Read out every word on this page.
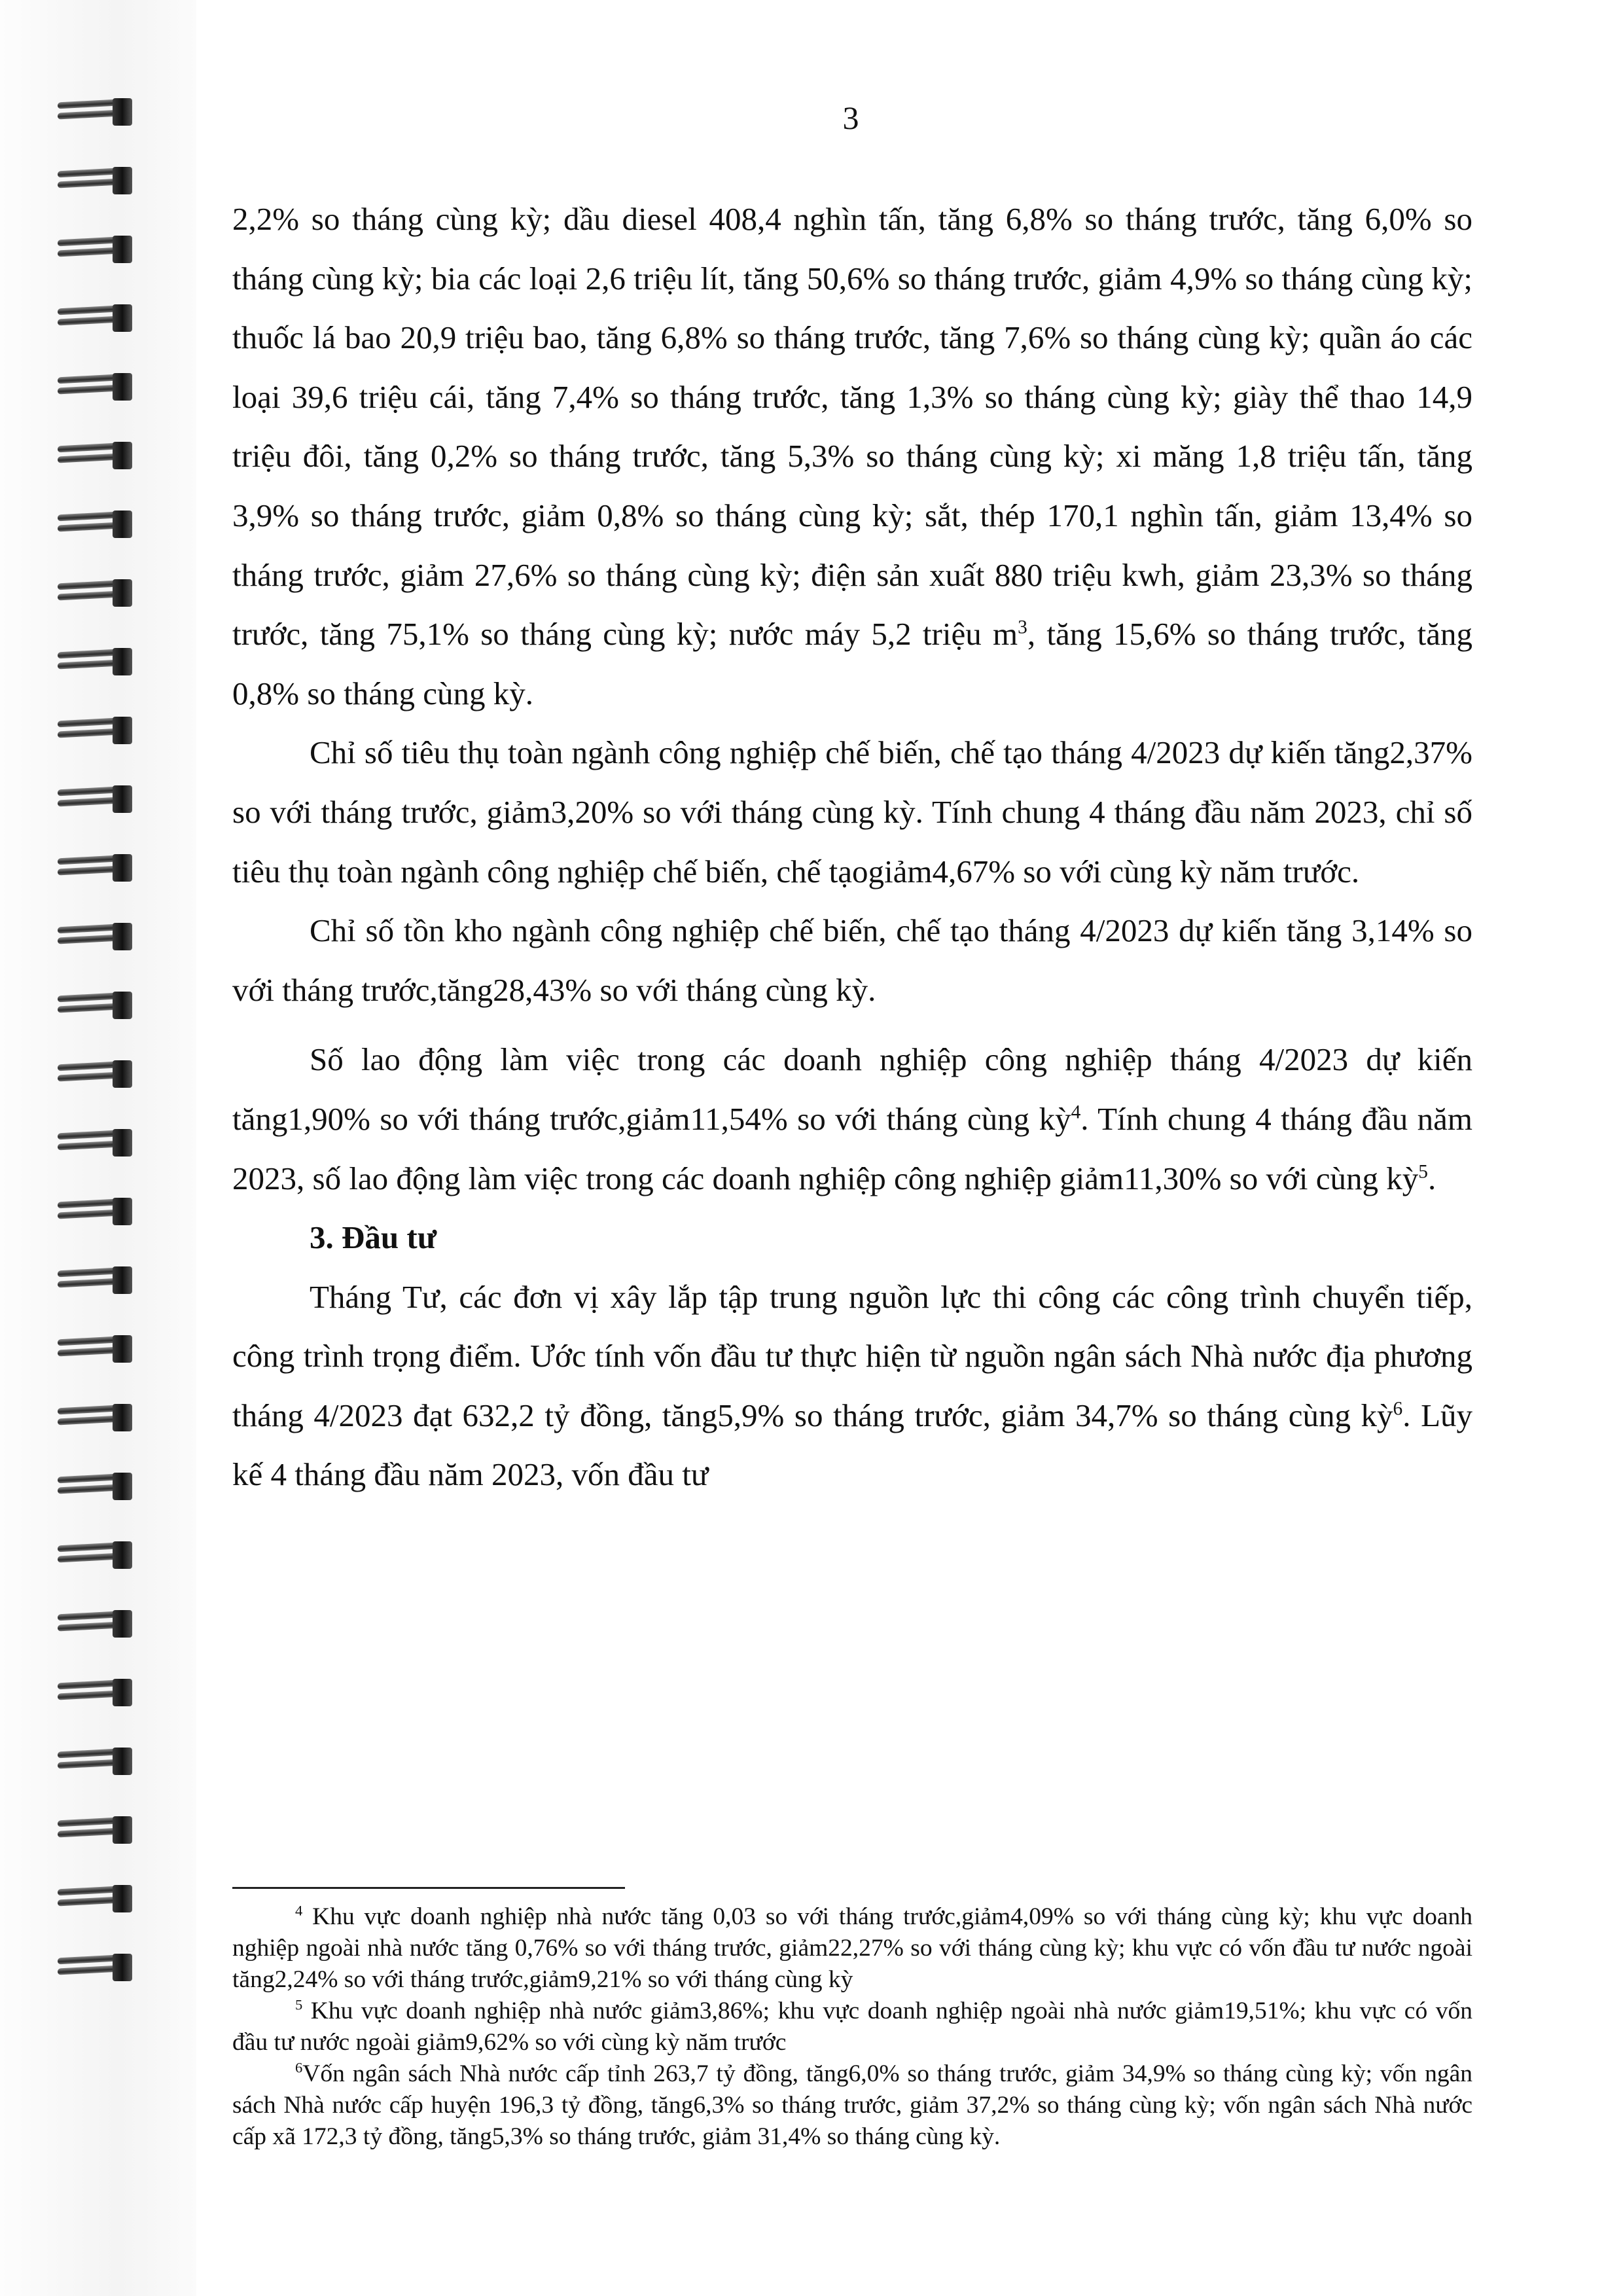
3

2,2% so tháng cùng kỳ; dầu diesel 408,4 nghìn tấn, tăng 6,8% so tháng trước, tăng 6,0% so tháng cùng kỳ; bia các loại 2,6 triệu lít, tăng 50,6% so tháng trước, giảm 4,9% so tháng cùng kỳ; thuốc lá bao 20,9 triệu bao, tăng 6,8% so tháng trước, tăng 7,6% so tháng cùng kỳ; quần áo các loại 39,6 triệu cái, tăng 7,4% so tháng trước, tăng 1,3% so tháng cùng kỳ; giày thể thao 14,9 triệu đôi, tăng 0,2% so tháng trước, tăng 5,3% so tháng cùng kỳ; xi măng 1,8 triệu tấn, tăng 3,9% so tháng trước, giảm 0,8% so tháng cùng kỳ; sắt, thép 170,1 nghìn tấn, giảm 13,4% so tháng trước, giảm 27,6% so tháng cùng kỳ; điện sản xuất 880 triệu kwh, giảm 23,3% so tháng trước, tăng 75,1% so tháng cùng kỳ; nước máy 5,2 triệu $m^3$, tăng 15,6% so tháng trước, tăng 0,8% so tháng cùng kỳ.

Chỉ số tiêu thụ toàn ngành công nghiệp chế biến, chế tạo tháng 4/2023 dự kiến tăng2,37% so với tháng trước, giảm3,20% so với tháng cùng kỳ. Tính chung 4 tháng đầu năm 2023, chỉ số tiêu thụ toàn ngành công nghiệp chế biến, chế tạogiảm4,67% so với cùng kỳ năm trước.

Chỉ số tồn kho ngành công nghiệp chế biến, chế tạo tháng 4/2023 dự kiến tăng 3,14% so với tháng trước,tăng28,43% so với tháng cùng kỳ.

Số lao động làm việc trong các doanh nghiệp công nghiệp tháng 4/2023 dự kiến tăng1,90% so với tháng trước,giảm11,54% so với tháng cùng kỳ$^4$. Tính chung 4 tháng đầu năm 2023, số lao động làm việc trong các doanh nghiệp công nghiệp giảm11,30% so với cùng kỳ$^5$.

3. Đầu tư

Tháng Tư, các đơn vị xây lắp tập trung nguồn lực thi công các công trình chuyển tiếp, công trình trọng điểm. Ước tính vốn đầu tư thực hiện từ nguồn ngân sách Nhà nước địa phương tháng 4/2023 đạt 632,2 tỷ đồng, tăng5,9% so tháng trước, giảm 34,7% so tháng cùng kỳ$^6$. Lũy kế 4 tháng đầu năm 2023, vốn đầu tư

$^4$ Khu vực doanh nghiệp nhà nước tăng 0,03 so với tháng trước,giảm4,09% so với tháng cùng kỳ; khu vực doanh nghiệp ngoài nhà nước tăng 0,76% so với tháng trước, giảm22,27% so với tháng cùng kỳ; khu vực có vốn đầu tư nước ngoài tăng2,24% so với tháng trước,giảm9,21% so với tháng cùng kỳ

$^5$ Khu vực doanh nghiệp nhà nước giảm3,86%; khu vực doanh nghiệp ngoài nhà nước giảm19,51%; khu vực có vốn đầu tư nước ngoài giảm9,62% so với cùng kỳ năm trước

$^6$Vốn ngân sách Nhà nước cấp tỉnh 263,7 tỷ đồng, tăng6,0% so tháng trước, giảm 34,9% so tháng cùng kỳ; vốn ngân sách Nhà nước cấp huyện 196,3 tỷ đồng, tăng6,3% so tháng trước, giảm 37,2% so tháng cùng kỳ; vốn ngân sách Nhà nước cấp xã 172,3 tỷ đồng, tăng5,3% so tháng trước, giảm 31,4% so tháng cùng kỳ.
